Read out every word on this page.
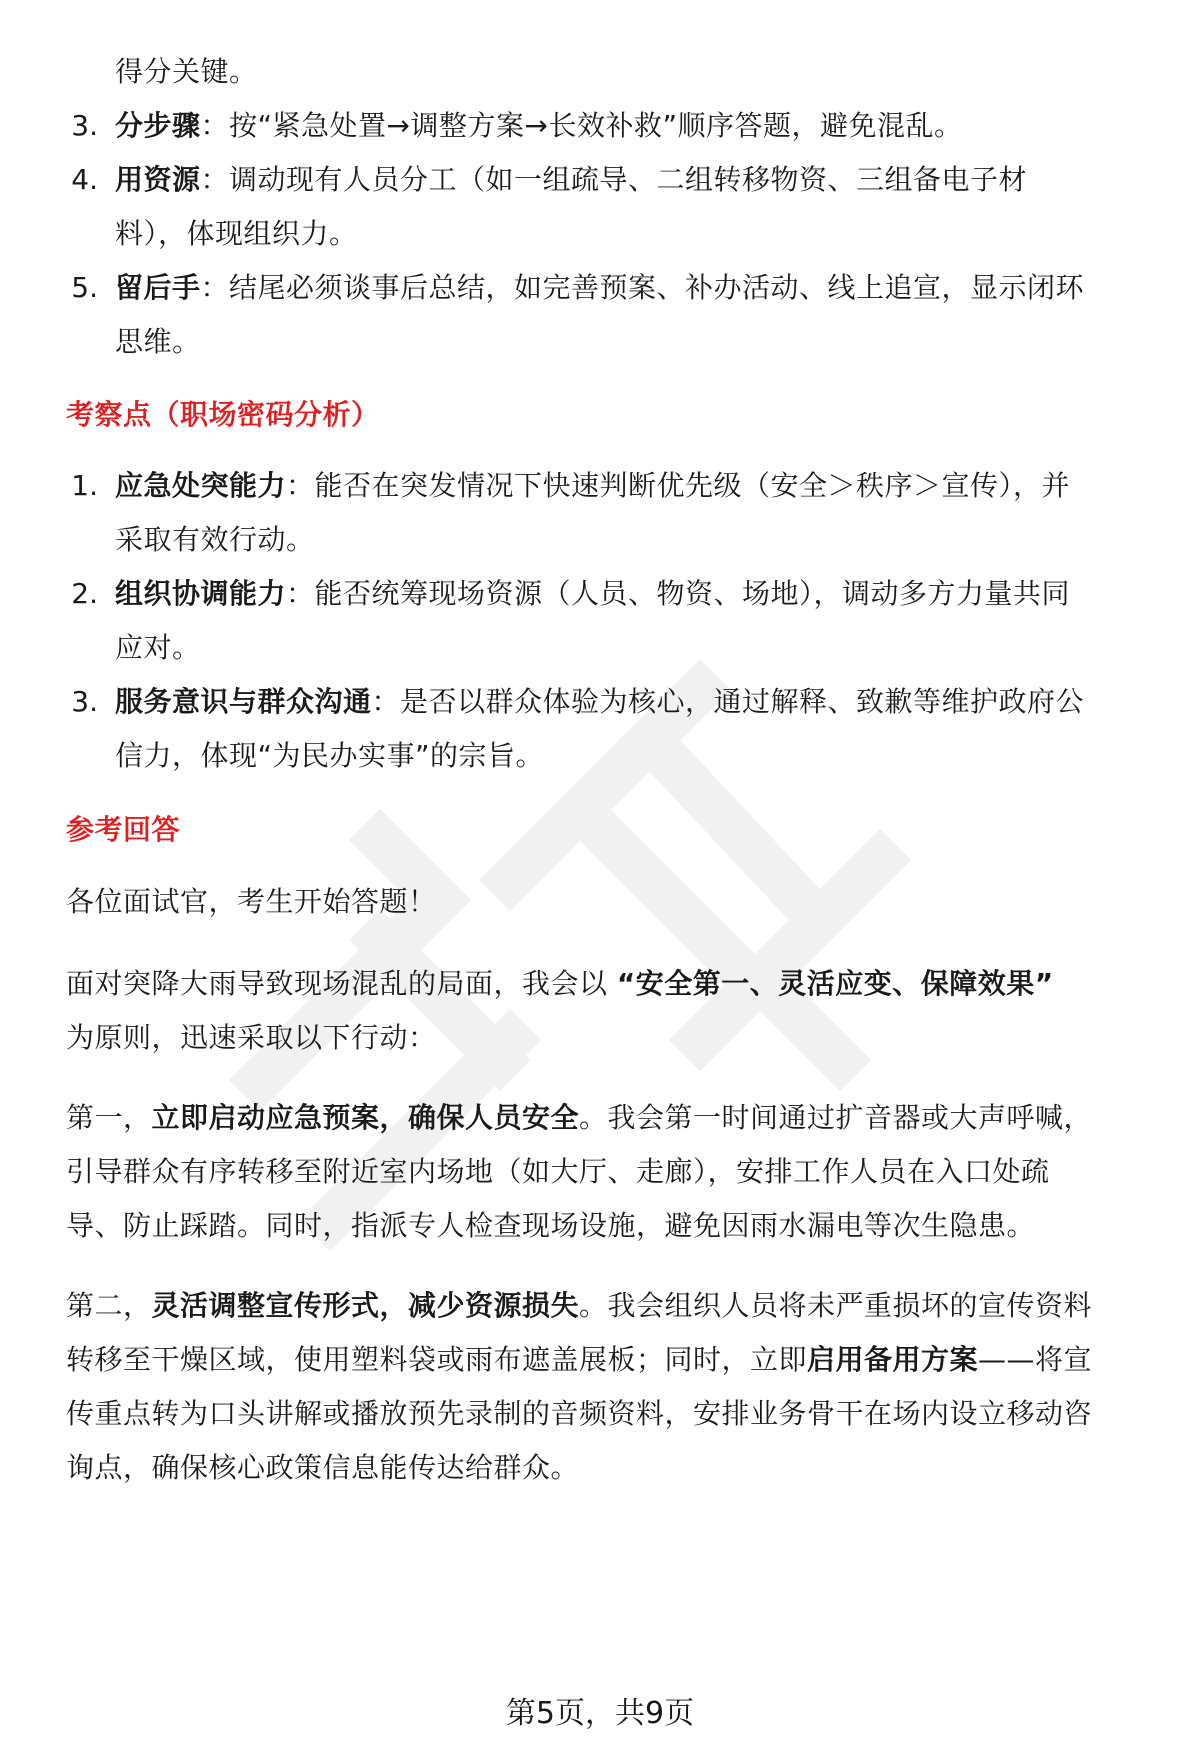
得分关键。
3. 分步骤：按“紧急处置→调整方案→长效补救”顺序答题，避免混乱。
4. 用资源：调动现有人员分工（如一组疏导、二组转移物资、三组备电子材
料），体现组织力。
5. 留后手：结尾必须谈事后总结，如完善预案、补办活动、线上追宣，显示闭环
思维。
考察点（职场密码分析）
1. 应急处突能力：能否在突发情况下快速判断优先级（安全＞秩序＞宣传），并
采取有效行动。
2. 组织协调能力：能否统筹现场资源（人员、物资、场地），调动多方力量共同
应对。
3. 服务意识与群众沟通：是否以群众体验为核心，通过解释、致歉等维护政府公
信力，体现“为民办实事”的宗旨。
参考回答
各位面试官，考生开始答题！
面对突降大雨导致现场混乱的局面，我会以 “安全第一、灵活应变、保障效果”
为原则，迅速采取以下行动：
第一，立即启动应急预案，确保人员安全。我会第一时间通过扩音器或大声呼喊，
引导群众有序转移至附近室内场地（如大厅、走廊），安排工作人员在入口处疏
导、防止踩踏。同时，指派专人检查现场设施，避免因雨水漏电等次生隐患。
第二，灵活调整宣传形式，减少资源损失。我会组织人员将未严重损坏的宣传资料
转移至干燥区域，使用塑料袋或雨布遮盖展板；同时，立即启用备用方案——将宣
传重点转为口头讲解或播放预先录制的音频资料，安排业务骨干在场内设立移动咨
询点，确保核心政策信息能传达给群众。
第5页，共9页
